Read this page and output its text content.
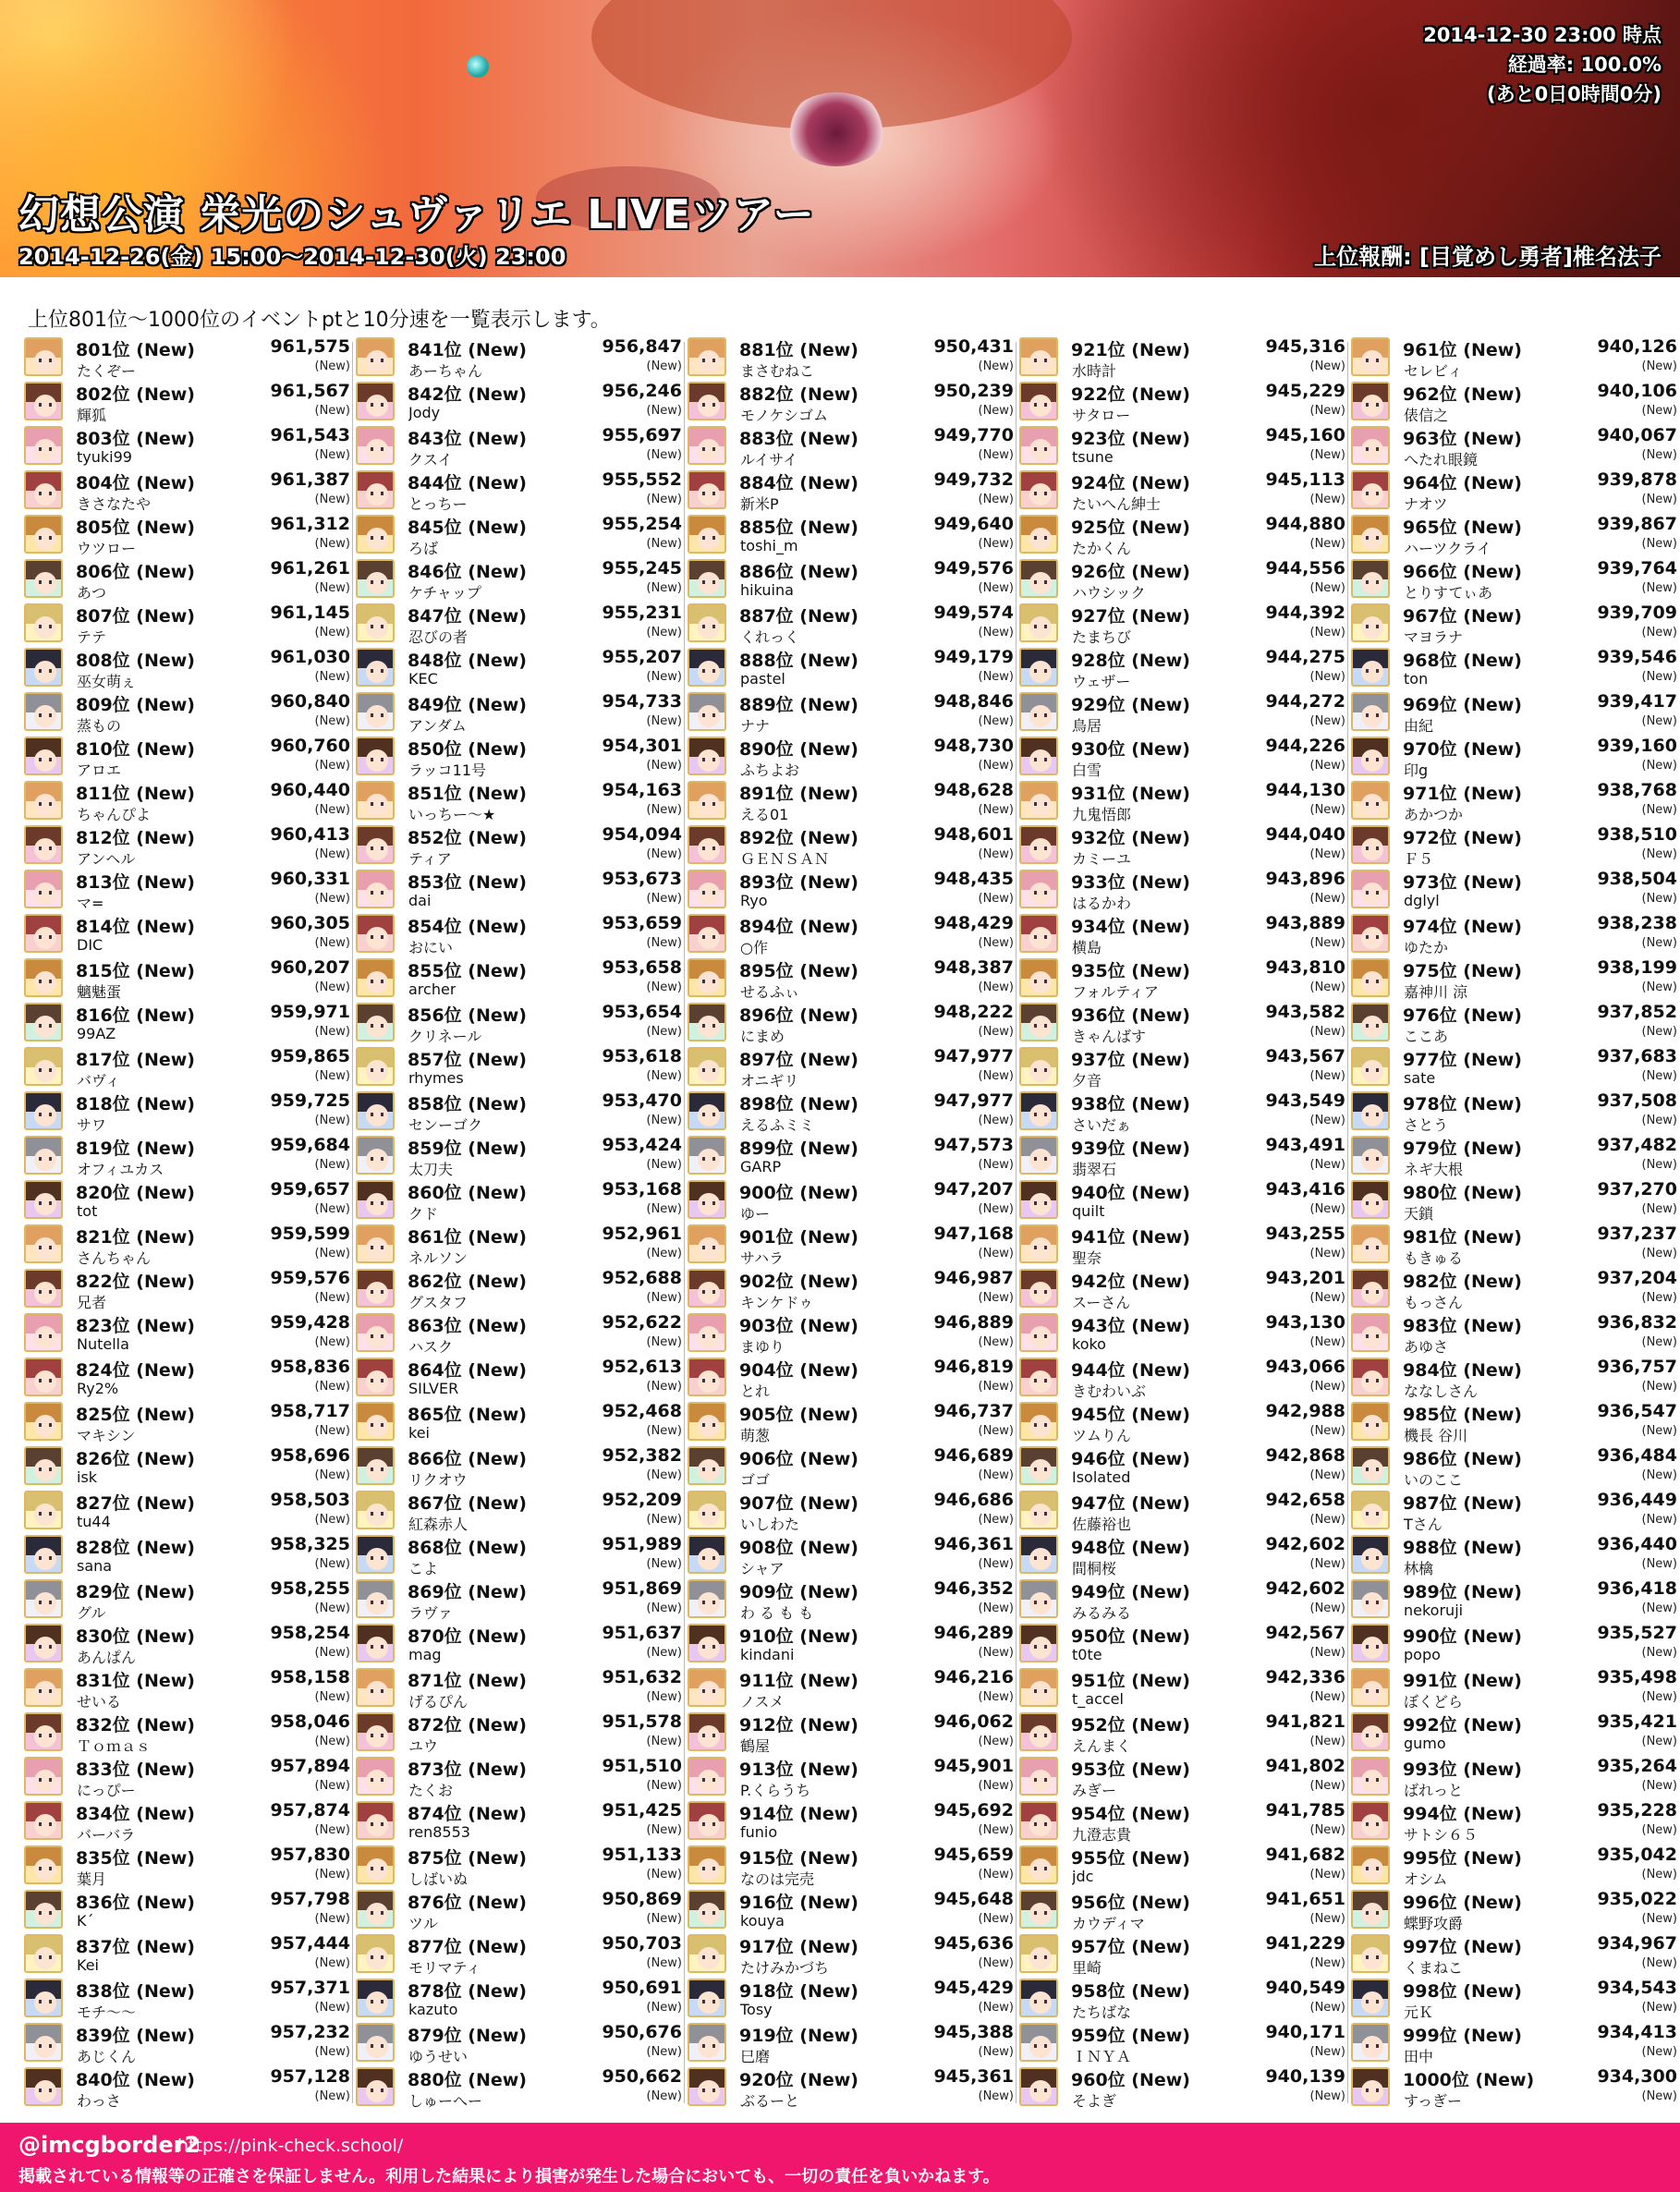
幻想公演 栄光のシュヴァリエ LIVEツアー
2014-12-26(金) 15:00～2014-12-30(火) 23:00
2014-12-30 23:00 時点
経過率: 100.0%
(あと0日0時間0分)
上位報酬: [目覚めし勇者]椎名法子
上位801位～1000位のイベントptと10分速を一覧表示します。
801位 (New)
たくぞー
961,575
(New)
802位 (New)
輝狐
961,567
(New)
803位 (New)
tyuki99
961,543
(New)
804位 (New)
きさなたや
961,387
(New)
805位 (New)
ウツロー
961,312
(New)
806位 (New)
あつ
961,261
(New)
807位 (New)
テテ
961,145
(New)
808位 (New)
巫女萌ぇ
961,030
(New)
809位 (New)
蒸もの
960,840
(New)
810位 (New)
アロエ
960,760
(New)
811位 (New)
ちゃんぴよ
960,440
(New)
812位 (New)
アンヘル
960,413
(New)
813位 (New)
マ=
960,331
(New)
814位 (New)
DIC
960,305
(New)
815位 (New)
魑魅蛋
960,207
(New)
816位 (New)
99AZ
959,971
(New)
817位 (New)
バヴィ
959,865
(New)
818位 (New)
サワ
959,725
(New)
819位 (New)
オフィユカス
959,684
(New)
820位 (New)
tot
959,657
(New)
821位 (New)
さんちゃん
959,599
(New)
822位 (New)
兄者
959,576
(New)
823位 (New)
Nutella
959,428
(New)
824位 (New)
Ry2%
958,836
(New)
825位 (New)
マキシン
958,717
(New)
826位 (New)
isk
958,696
(New)
827位 (New)
tu44
958,503
(New)
828位 (New)
sana
958,325
(New)
829位 (New)
グル
958,255
(New)
830位 (New)
あんぱん
958,254
(New)
831位 (New)
せいる
958,158
(New)
832位 (New)
Ｔｏｍａｓ
958,046
(New)
833位 (New)
にっぴー
957,894
(New)
834位 (New)
バーバラ
957,874
(New)
835位 (New)
葉月
957,830
(New)
836位 (New)
K´
957,798
(New)
837位 (New)
Kei
957,444
(New)
838位 (New)
モチ～～
957,371
(New)
839位 (New)
あじくん
957,232
(New)
840位 (New)
わっさ
957,128
(New)
841位 (New)
あーちゃん
956,847
(New)
842位 (New)
Jody
956,246
(New)
843位 (New)
クスイ
955,697
(New)
844位 (New)
とっちー
955,552
(New)
845位 (New)
ろば
955,254
(New)
846位 (New)
ケチャップ
955,245
(New)
847位 (New)
忍びの者
955,231
(New)
848位 (New)
KEC
955,207
(New)
849位 (New)
アンダム
954,733
(New)
850位 (New)
ラッコ11号
954,301
(New)
851位 (New)
いっちー～★
954,163
(New)
852位 (New)
ティア
954,094
(New)
853位 (New)
dai
953,673
(New)
854位 (New)
おにい
953,659
(New)
855位 (New)
archer
953,658
(New)
856位 (New)
クリネール
953,654
(New)
857位 (New)
rhymes
953,618
(New)
858位 (New)
センーゴク
953,470
(New)
859位 (New)
太刀夫
953,424
(New)
860位 (New)
クド
953,168
(New)
861位 (New)
ネルソン
952,961
(New)
862位 (New)
グスタフ
952,688
(New)
863位 (New)
ハスク
952,622
(New)
864位 (New)
SILVER
952,613
(New)
865位 (New)
kei
952,468
(New)
866位 (New)
リクオウ
952,382
(New)
867位 (New)
紅森赤人
952,209
(New)
868位 (New)
こよ
951,989
(New)
869位 (New)
ラヴァ
951,869
(New)
870位 (New)
mag
951,637
(New)
871位 (New)
げるぴん
951,632
(New)
872位 (New)
ユウ
951,578
(New)
873位 (New)
たくお
951,510
(New)
874位 (New)
ren8553
951,425
(New)
875位 (New)
しばいぬ
951,133
(New)
876位 (New)
ツル
950,869
(New)
877位 (New)
モリマティ
950,703
(New)
878位 (New)
kazuto
950,691
(New)
879位 (New)
ゆうせい
950,676
(New)
880位 (New)
しゅーへー
950,662
(New)
881位 (New)
まさむねこ
950,431
(New)
882位 (New)
モノケシゴム
950,239
(New)
883位 (New)
ルイサイ
949,770
(New)
884位 (New)
新米P
949,732
(New)
885位 (New)
toshi_m
949,640
(New)
886位 (New)
hikuina
949,576
(New)
887位 (New)
くれっく
949,574
(New)
888位 (New)
pastel
949,179
(New)
889位 (New)
ナナ
948,846
(New)
890位 (New)
ふちよお
948,730
(New)
891位 (New)
える01
948,628
(New)
892位 (New)
ＧＥＮＳＡＮ
948,601
(New)
893位 (New)
Ryo
948,435
(New)
894位 (New)
○作
948,429
(New)
895位 (New)
せるふぃ
948,387
(New)
896位 (New)
にまめ
948,222
(New)
897位 (New)
オニギリ
947,977
(New)
898位 (New)
えるふミミ
947,977
(New)
899位 (New)
GARP
947,573
(New)
900位 (New)
ゆー
947,207
(New)
901位 (New)
サハラ
947,168
(New)
902位 (New)
キンケドゥ
946,987
(New)
903位 (New)
まゆり
946,889
(New)
904位 (New)
とれ
946,819
(New)
905位 (New)
萌葱
946,737
(New)
906位 (New)
ゴゴ
946,689
(New)
907位 (New)
いしわた
946,686
(New)
908位 (New)
シャア
946,361
(New)
909位 (New)
わ る も も
946,352
(New)
910位 (New)
kindani
946,289
(New)
911位 (New)
ノスメ
946,216
(New)
912位 (New)
鶴屋
946,062
(New)
913位 (New)
P.くらうち
945,901
(New)
914位 (New)
funio
945,692
(New)
915位 (New)
なのは完売
945,659
(New)
916位 (New)
kouya
945,648
(New)
917位 (New)
たけみかづち
945,636
(New)
918位 (New)
Tosy
945,429
(New)
919位 (New)
巳磨
945,388
(New)
920位 (New)
ぶるーと
945,361
(New)
921位 (New)
水時計
945,316
(New)
922位 (New)
サタロー
945,229
(New)
923位 (New)
tsune
945,160
(New)
924位 (New)
たいへん紳士
945,113
(New)
925位 (New)
たかくん
944,880
(New)
926位 (New)
ハウシック
944,556
(New)
927位 (New)
たまちび
944,392
(New)
928位 (New)
ウェザー
944,275
(New)
929位 (New)
鳥居
944,272
(New)
930位 (New)
白雪
944,226
(New)
931位 (New)
九鬼悟郎
944,130
(New)
932位 (New)
カミーユ
944,040
(New)
933位 (New)
はるかわ
943,896
(New)
934位 (New)
横島
943,889
(New)
935位 (New)
フォルティア
943,810
(New)
936位 (New)
きゃんばす
943,582
(New)
937位 (New)
夕音
943,567
(New)
938位 (New)
さいだぁ
943,549
(New)
939位 (New)
翡翠石
943,491
(New)
940位 (New)
quilt
943,416
(New)
941位 (New)
聖奈
943,255
(New)
942位 (New)
スーさん
943,201
(New)
943位 (New)
koko
943,130
(New)
944位 (New)
きむわいぶ
943,066
(New)
945位 (New)
ツムりん
942,988
(New)
946位 (New)
Isolated
942,868
(New)
947位 (New)
佐藤裕也
942,658
(New)
948位 (New)
間桐桜
942,602
(New)
949位 (New)
みるみる
942,602
(New)
950位 (New)
t0te
942,567
(New)
951位 (New)
t_accel
942,336
(New)
952位 (New)
えんまく
941,821
(New)
953位 (New)
みぎー
941,802
(New)
954位 (New)
九澄志貴
941,785
(New)
955位 (New)
jdc
941,682
(New)
956位 (New)
カウディマ
941,651
(New)
957位 (New)
里崎
941,229
(New)
958位 (New)
たちばな
940,549
(New)
959位 (New)
ＩＮＹＡ
940,171
(New)
960位 (New)
そよぎ
940,139
(New)
961位 (New)
セレビィ
940,126
(New)
962位 (New)
俵信之
940,106
(New)
963位 (New)
へたれ眼鏡
940,067
(New)
964位 (New)
ナオツ
939,878
(New)
965位 (New)
ハーツクライ
939,867
(New)
966位 (New)
とりすてぃあ
939,764
(New)
967位 (New)
マヨラナ
939,709
(New)
968位 (New)
ton
939,546
(New)
969位 (New)
由紀
939,417
(New)
970位 (New)
印g
939,160
(New)
971位 (New)
あかつか
938,768
(New)
972位 (New)
Ｆ５
938,510
(New)
973位 (New)
dglyl
938,504
(New)
974位 (New)
ゆたか
938,238
(New)
975位 (New)
嘉神川 涼
938,199
(New)
976位 (New)
ここあ
937,852
(New)
977位 (New)
sate
937,683
(New)
978位 (New)
さとう
937,508
(New)
979位 (New)
ネギ大根
937,482
(New)
980位 (New)
天鎖
937,270
(New)
981位 (New)
もきゅる
937,237
(New)
982位 (New)
もっさん
937,204
(New)
983位 (New)
あゆさ
936,832
(New)
984位 (New)
ななしさん
936,757
(New)
985位 (New)
機長 谷川
936,547
(New)
986位 (New)
いのここ
936,484
(New)
987位 (New)
Tさん
936,449
(New)
988位 (New)
林檎
936,440
(New)
989位 (New)
nekoruji
936,418
(New)
990位 (New)
popo
935,527
(New)
991位 (New)
ぼくどら
935,498
(New)
992位 (New)
gumo
935,421
(New)
993位 (New)
ばれっと
935,264
(New)
994位 (New)
サトシ６５
935,228
(New)
995位 (New)
オシム
935,042
(New)
996位 (New)
蝶野攻爵
935,022
(New)
997位 (New)
くまねこ
934,967
(New)
998位 (New)
元Ｋ
934,543
(New)
999位 (New)
田中
934,413
(New)
1000位 (New)
すっぎー
934,300
(New)
@imcgborder2
https://pink-check.school/
掲載されている情報等の正確さを保証しません。利用した結果により損害が発生した場合においても、一切の責任を負いかねます。
